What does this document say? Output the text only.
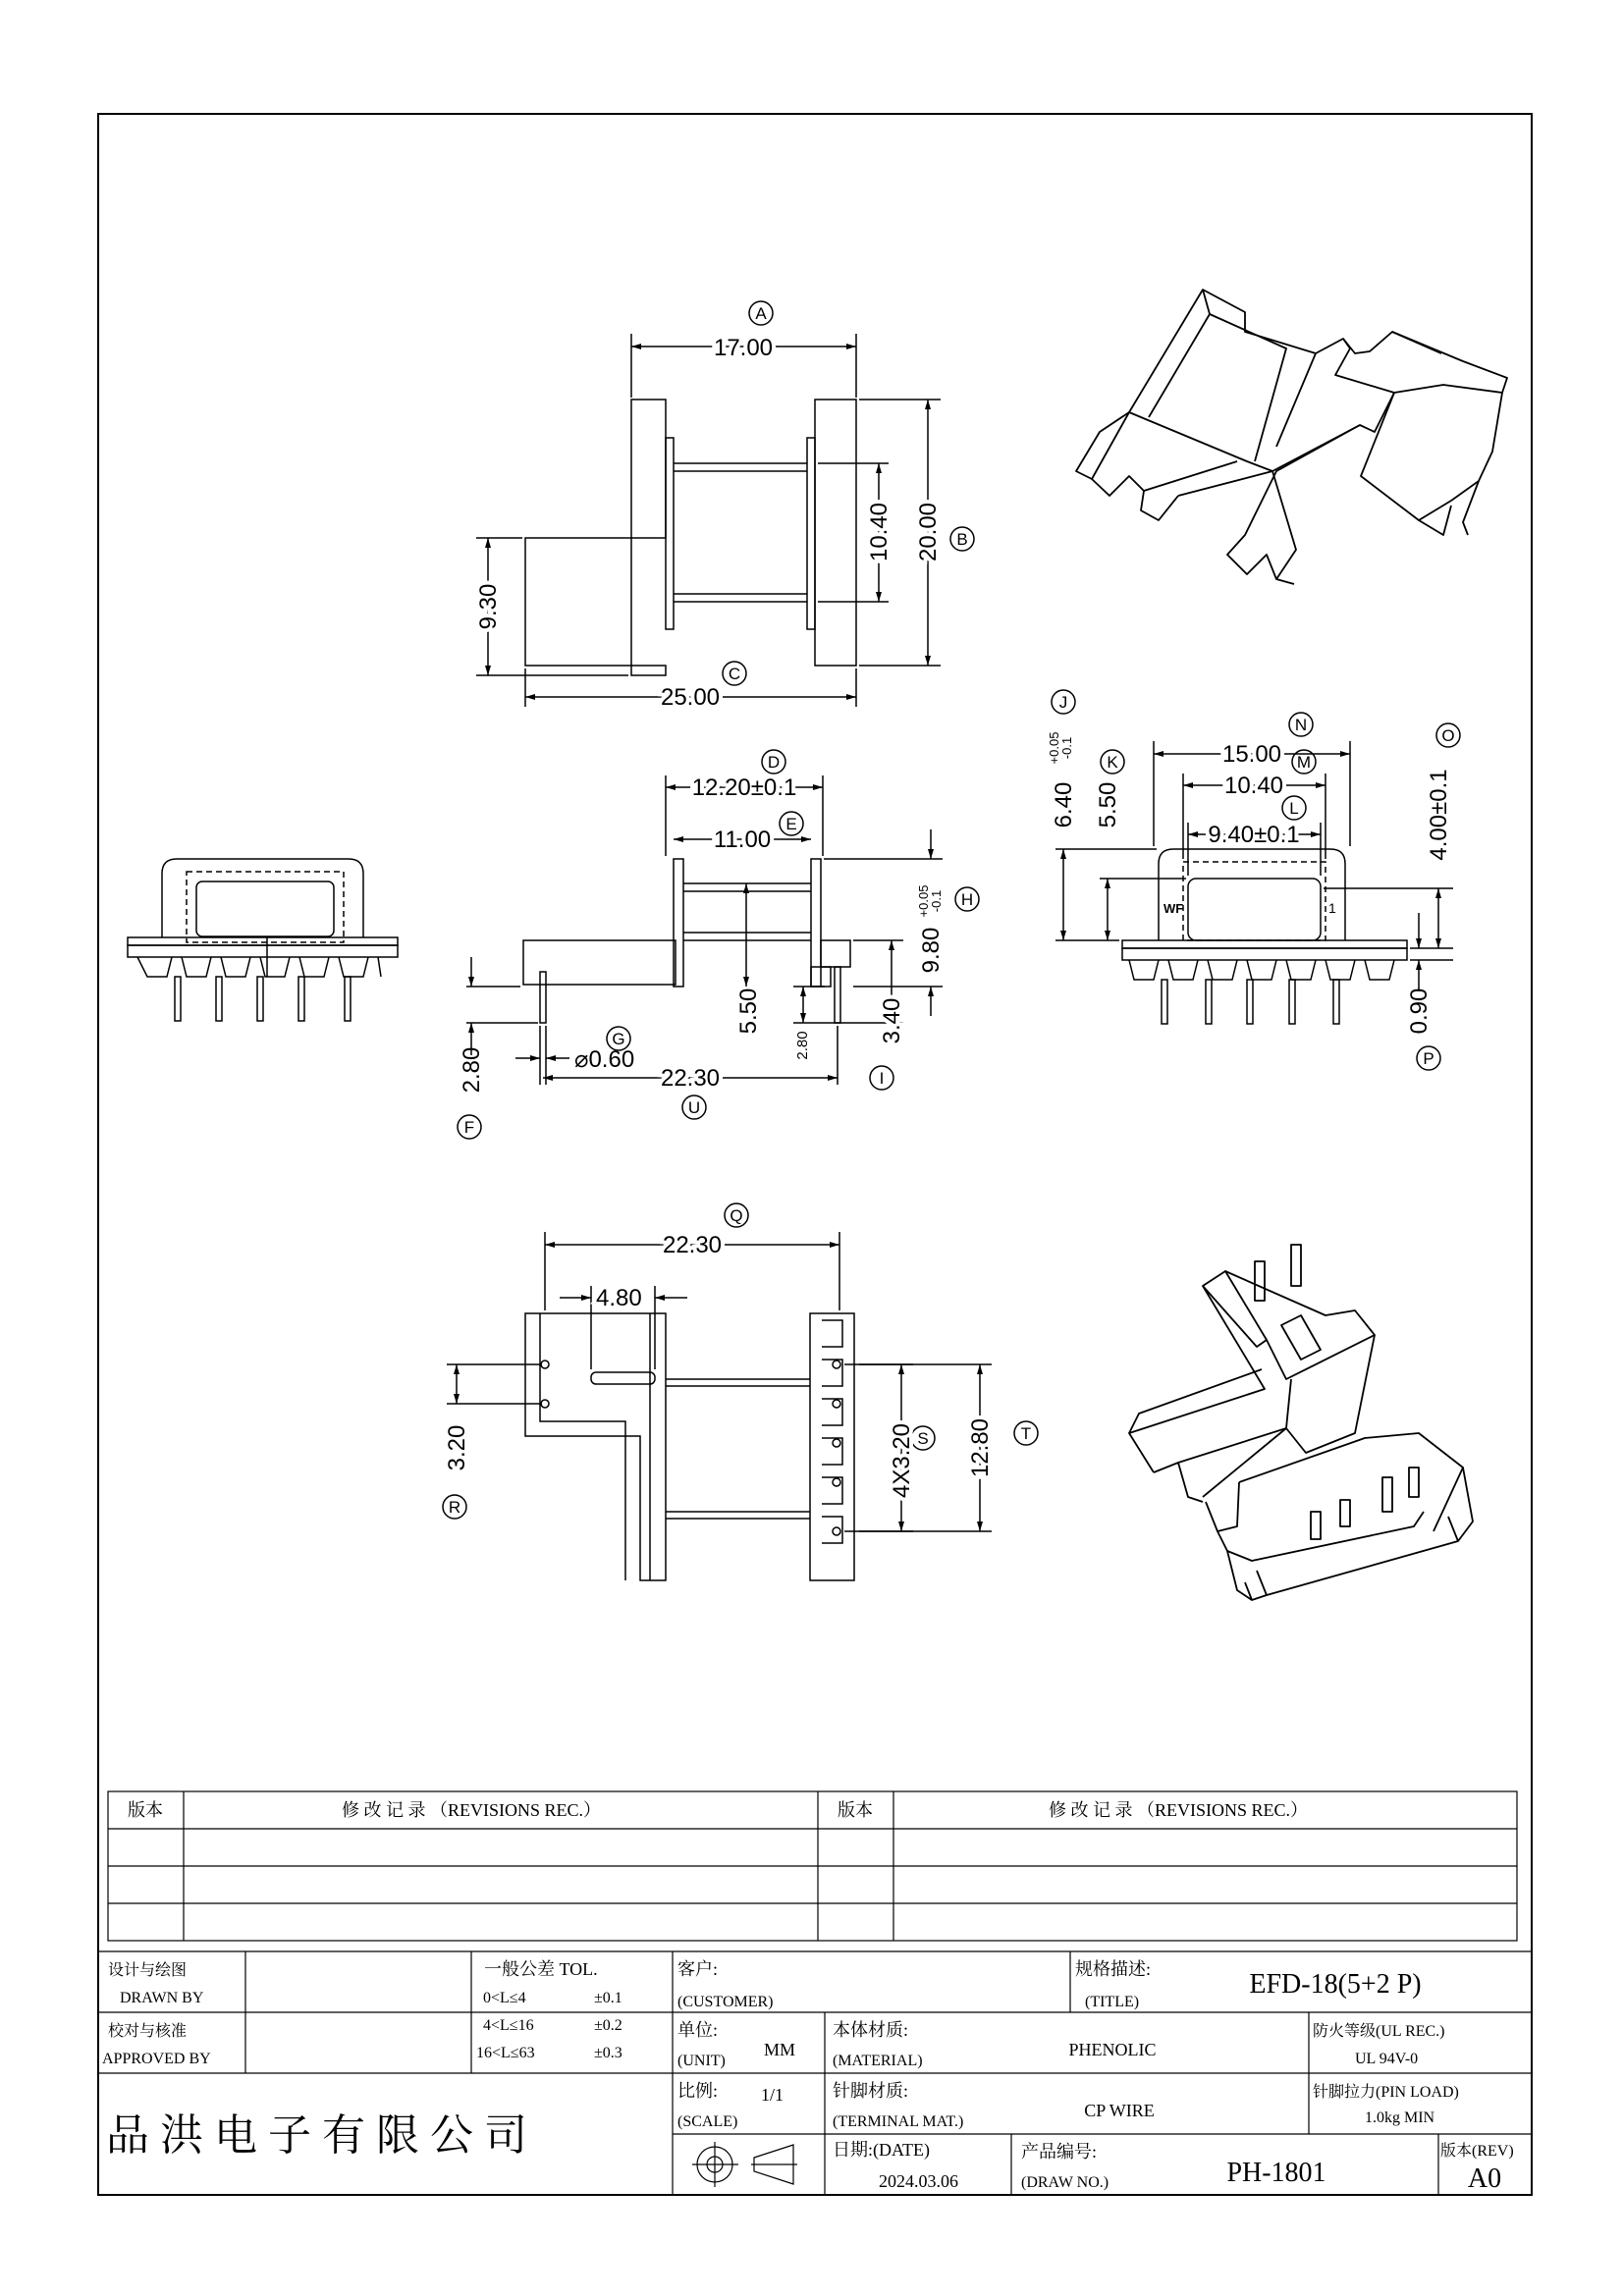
17.00
20.00
10.40
25.00
9.30
A
B
C
12.20±0.1
11.00
9.80
+0.05
-0.1
5.50	3.40
2.80
2.80	⌀0.60
22.30
D
E
H
I
G
F
U
15.00
10.40
9.40±0.1
6.40
+0.05
-0.1
5.50	4.00±0.1
0.90
WF	1
J
K
N
M
L
O
P
22.30
4.80
3.20	4X3.20 12.80
Q
R
S	T
版本	修 改 记 录 （REVISIONS REC.）	版本	修 改 记 录 （REVISIONS REC.）
设计与绘图
DRAWN BY
校对与核准
APPROVED BY
一般公差 TOL.
0<L≤4	±0.1
4<L≤16	±0.2
16<L≤63	±0.3
品 洪 电 子 有 限 公 司
客户:
(CUSTOMER)
规格描述:
(TITLE)
EFD-18(5+2 P)
单位:
(UNIT)
MM
本体材质:
(MATERIAL)
PHENOLIC
防火等级(UL REC.)
UL 94V-0
比例:
(SCALE)
1/1	针脚材质:
(TERMINAL MAT.)
CP WIRE
针脚拉力(PIN LOAD)
1.0kg MIN
日期:(DATE)
2024.03.06
产品编号:
(DRAW NO.)	PH-1801
版本(REV)
A0
